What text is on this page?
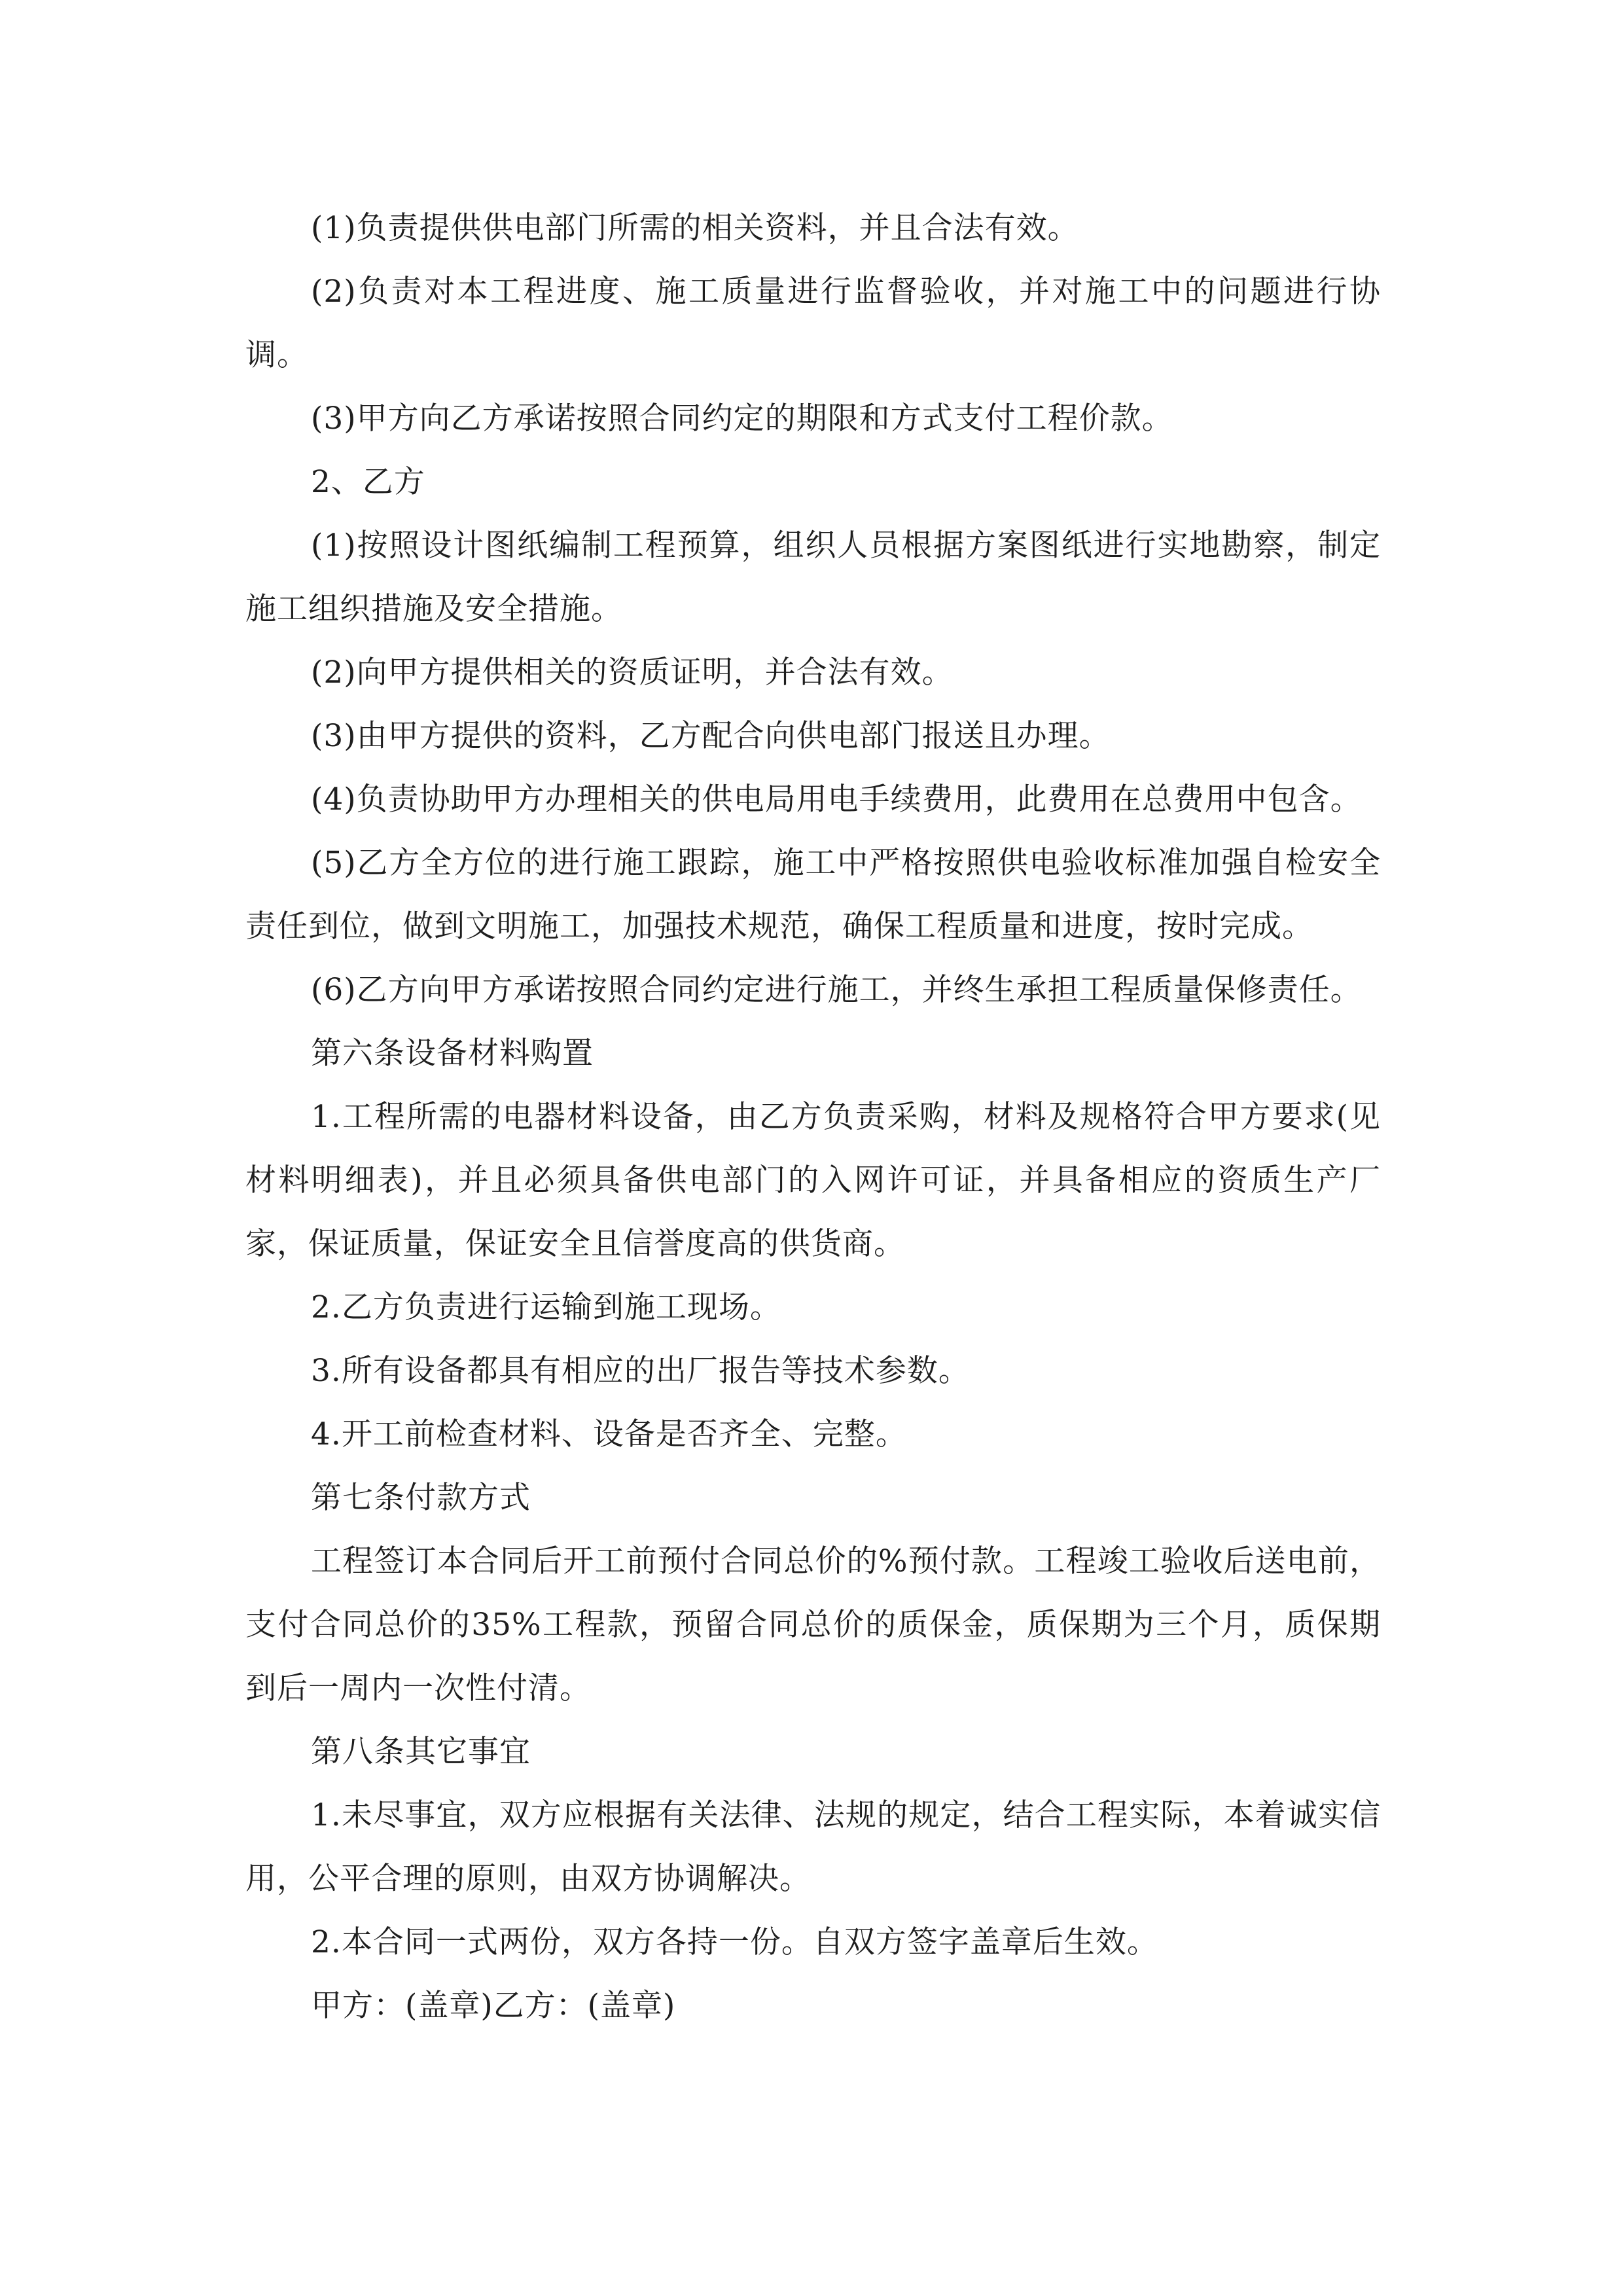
(1)负责提供供电部门所需的相关资料，并且合法有效。

(2)负责对本工程进度、施工质量进行监督验收，并对施工中的问题进行协调。

(3)甲方向乙方承诺按照合同约定的期限和方式支付工程价款。

2、乙方

(1)按照设计图纸编制工程预算，组织人员根据方案图纸进行实地勘察，制定施工组织措施及安全措施。

(2)向甲方提供相关的资质证明，并合法有效。

(3)由甲方提供的资料，乙方配合向供电部门报送且办理。

(4)负责协助甲方办理相关的供电局用电手续费用，此费用在总费用中包含。

(5)乙方全方位的进行施工跟踪，施工中严格按照供电验收标准加强自检安全责任到位，做到文明施工，加强技术规范，确保工程质量和进度，按时完成。

(6)乙方向甲方承诺按照合同约定进行施工，并终生承担工程质量保修责任。

第六条设备材料购置

1.工程所需的电器材料设备，由乙方负责采购，材料及规格符合甲方要求(见材料明细表)，并且必须具备供电部门的入网许可证，并具备相应的资质生产厂家，保证质量，保证安全且信誉度高的供货商。

2.乙方负责进行运输到施工现场。

3.所有设备都具有相应的出厂报告等技术参数。

4.开工前检查材料、设备是否齐全、完整。

第七条付款方式

工程签订本合同后开工前预付合同总价的%预付款。工程竣工验收后送电前，支付合同总价的35%工程款，预留合同总价的质保金，质保期为三个月，质保期到后一周内一次性付清。

第八条其它事宜

1.未尽事宜，双方应根据有关法律、法规的规定，结合工程实际，本着诚实信用，公平合理的原则，由双方协调解决。

2.本合同一式两份，双方各持一份。自双方签字盖章后生效。

甲方：(盖章)乙方：(盖章)
